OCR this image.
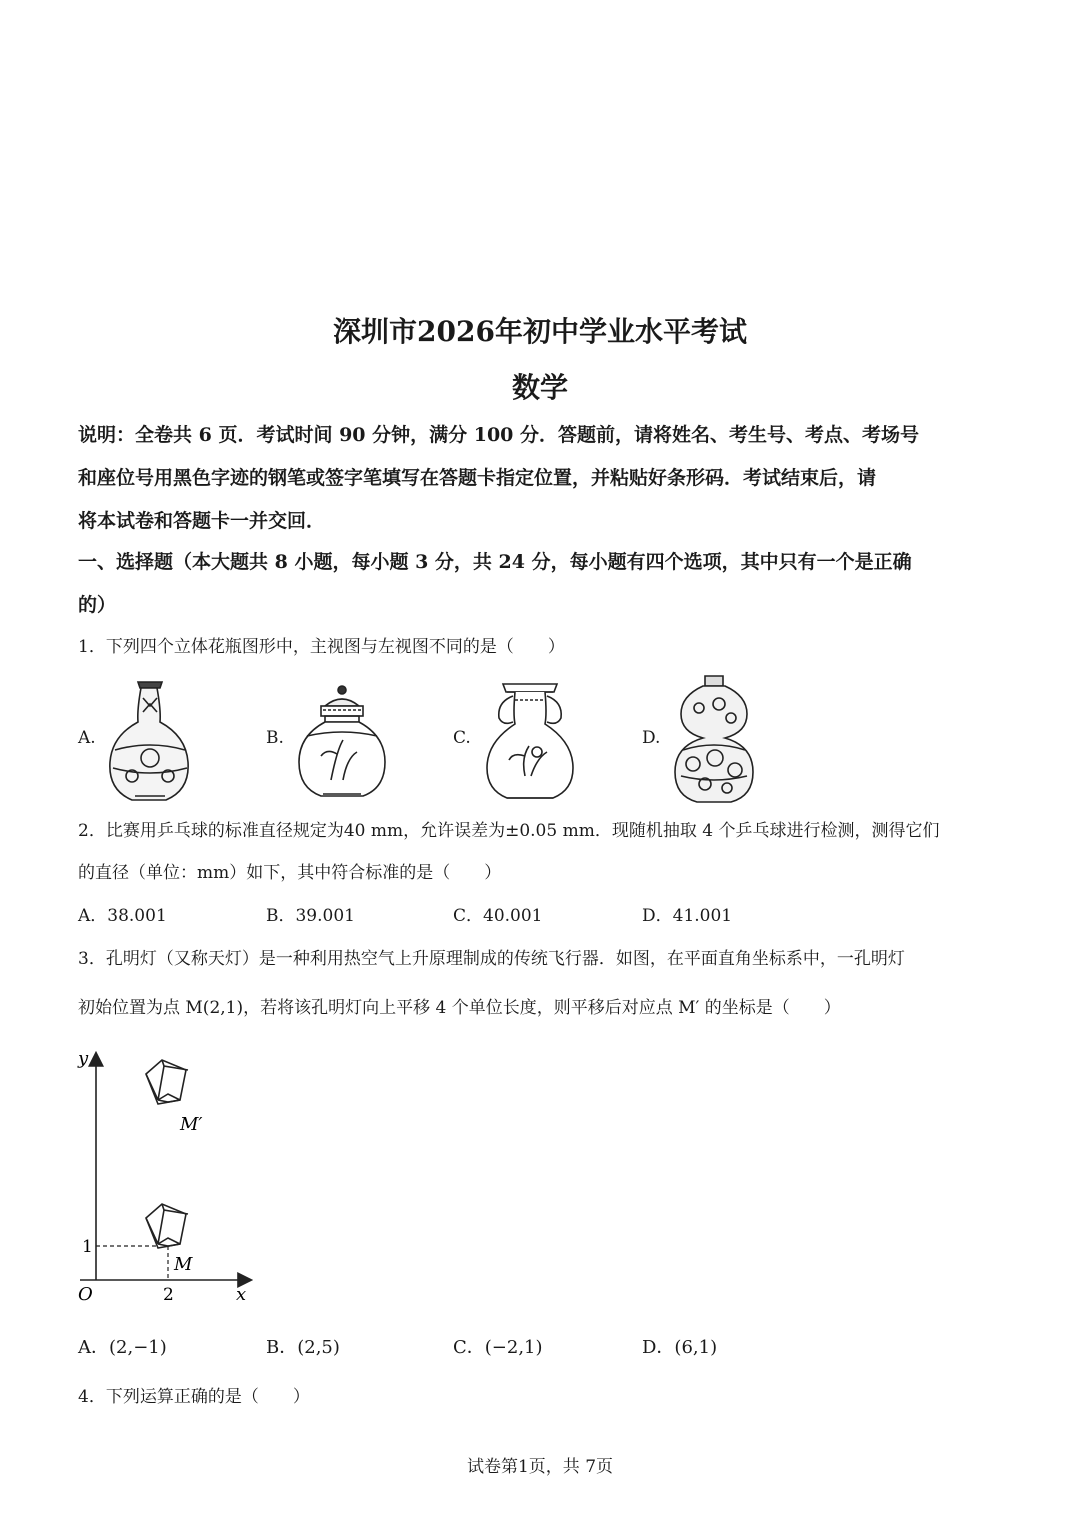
深圳市2026年初中学业水平考试
数学
说明：全卷共 6 页．考试时间 90 分钟，满分 100 分．答题前，请将姓名、考生号、考点、考场号
和座位号用黑色字迹的钢笔或签字笔填写在答题卡指定位置，并粘贴好条形码．考试结束后，请
将本试卷和答题卡一并交回．
一、选择题（本大题共 8 小题，每小题 3 分，共 24 分，每小题有四个选项，其中只有一个是正确
的）
1．下列四个立体花瓶图形中，主视图与左视图不同的是（　　）
A.	B.	C.	D.
2．比赛用乒乓球的标准直径规定为40 mm，允许误差为±0.05 mm．现随机抽取 4 个乒乓球进行检测，测得它们
的直径（单位：mm）如下，其中符合标准的是（　　）
A．38.001	B．39.001	C．40.001	D．41.001
3．孔明灯（又称天灯）是一种利用热空气上升原理制成的传统飞行器．如图，在平面直角坐标系中，一孔明灯
初始位置为点 M(2,1)，若将该孔明灯向上平移 4 个单位长度，则平移后对应点 M′ 的坐标是（　　）
y
x
O	2
1
M
M′
A．(2,−1)	B．(2,5)	C．(−2,1)	D．(6,1)
4．下列运算正确的是（　　）
试卷第1页，共 7页
